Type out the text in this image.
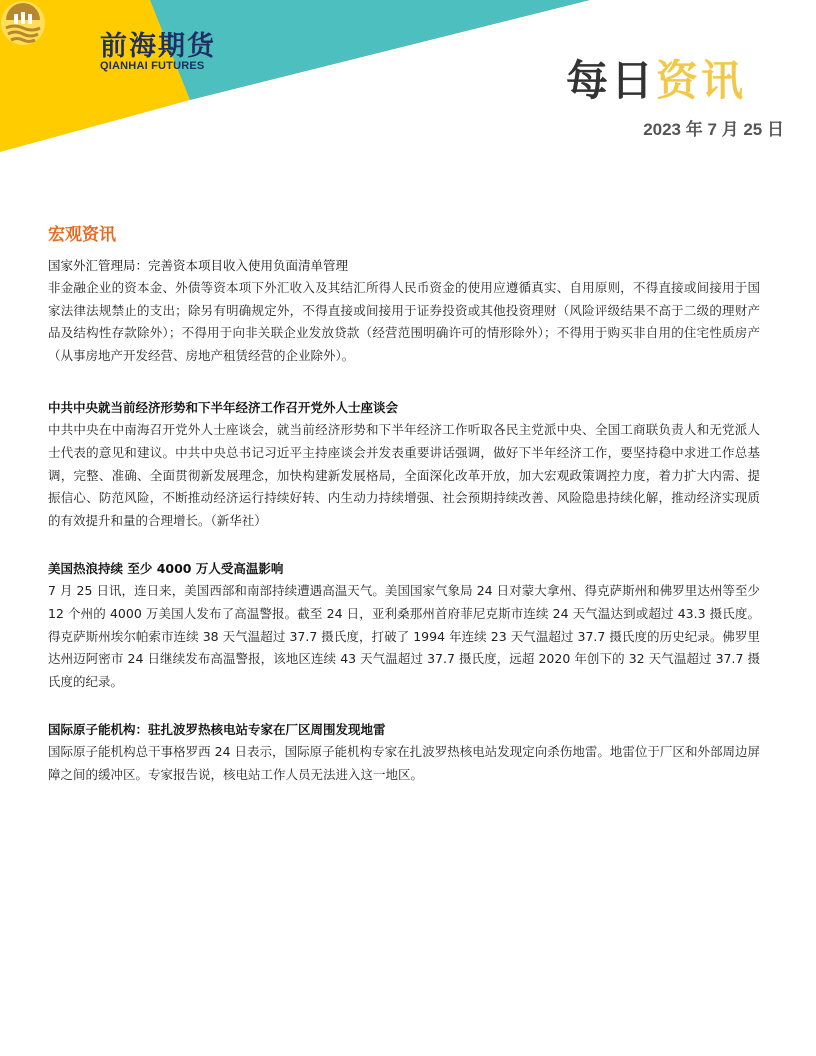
前海期货
QIANHAI FUTURES	每日资讯
2023 年 7 月 25 日
宏观资讯

国家外汇管理局：完善资本项目收入使用负面清单管理

非金融企业的资本金、外债等资本项下外汇收入及其结汇所得人民币资金的使用应遵循真实、自用原则，不得直接或间接用于国家法律法规禁止的支出；除另有明确规定外，不得直接或间接用于证券投资或其他投资理财（风险评级结果不高于二级的理财产品及结构性存款除外）；不得用于向非关联企业发放贷款（经营范围明确许可的情形除外）；不得用于购买非自用的住宅性质房产（从事房地产开发经营、房地产租赁经营的企业除外）。

中共中央就当前经济形势和下半年经济工作召开党外人士座谈会

中共中央在中南海召开党外人士座谈会，就当前经济形势和下半年经济工作听取各民主党派中央、全国工商联负责人和无党派人士代表的意见和建议。中共中央总书记习近平主持座谈会并发表重要讲话强调，做好下半年经济工作，要坚持稳中求进工作总基调，完整、准确、全面贯彻新发展理念，加快构建新发展格局，全面深化改革开放，加大宏观政策调控力度，着力扩大内需、提振信心、防范风险，不断推动经济运行持续好转、内生动力持续增强、社会预期持续改善、风险隐患持续化解，推动经济实现质的有效提升和量的合理增长。（新华社）

美国热浪持续 至少 4000 万人受高温影响

7 月 25 日讯，连日来，美国西部和南部持续遭遇高温天气。美国国家气象局 24 日对蒙大拿州、得克萨斯州和佛罗里达州等至少 12 个州的 4000 万美国人发布了高温警报。截至 24 日，亚利桑那州首府菲尼克斯市连续 24 天气温达到或超过 43.3 摄氏度。得克萨斯州埃尔帕索市连续 38 天气温超过 37.7 摄氏度，打破了 1994 年连续 23 天气温超过 37.7 摄氏度的历史纪录。佛罗里达州迈阿密市 24 日继续发布高温警报，该地区连续 43 天气温超过 37.7 摄氏度，远超 2020 年创下的 32 天气温超过 37.7 摄氏度的纪录。

国际原子能机构：驻扎波罗热核电站专家在厂区周围发现地雷

国际原子能机构总干事格罗西 24 日表示，国际原子能机构专家在扎波罗热核电站发现定向杀伤地雷。地雷位于厂区和外部周边屏障之间的缓冲区。专家报告说，核电站工作人员无法进入这一地区。
